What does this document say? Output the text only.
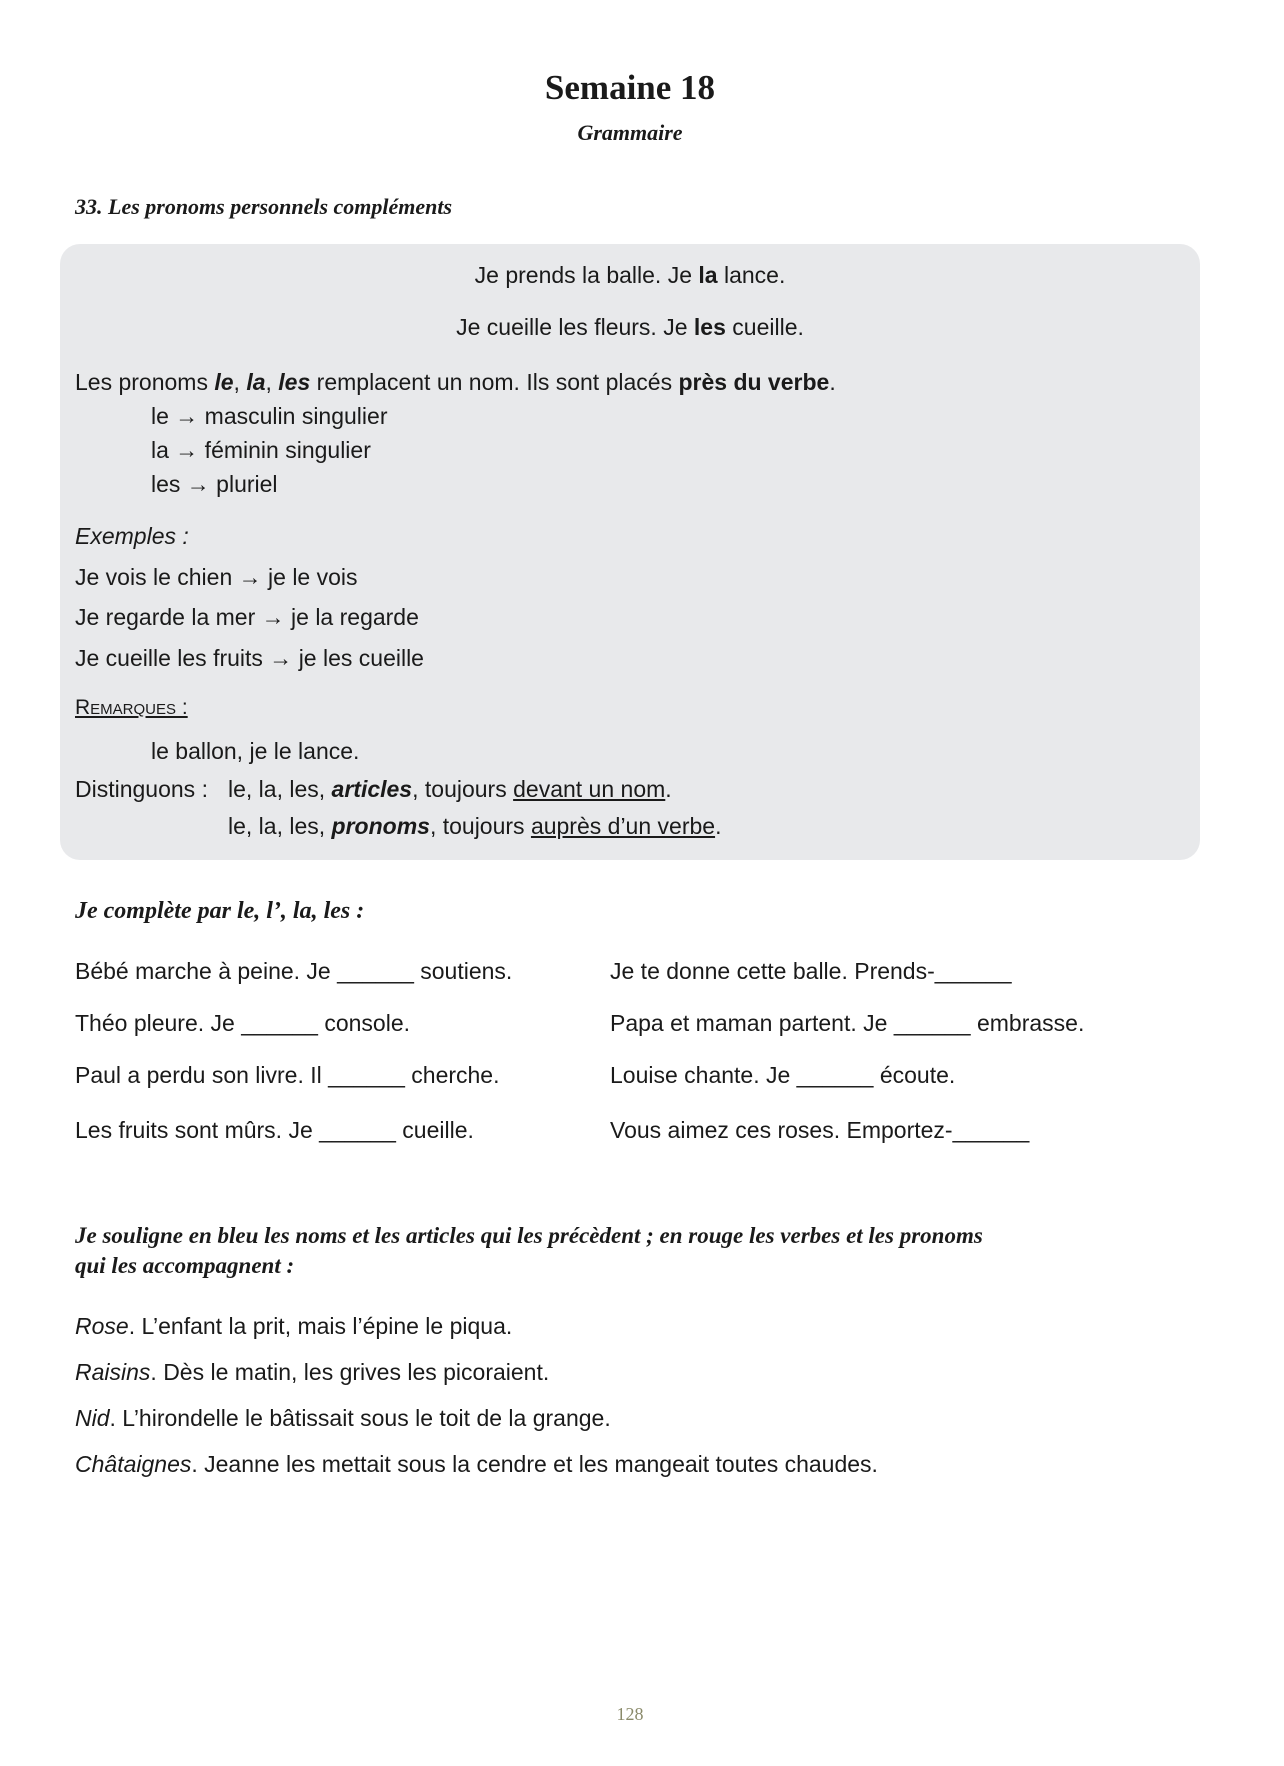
Semaine 18
Grammaire
33. Les pronoms personnels compléments
Je prends la balle. Je la lance.
Je cueille les fleurs. Je les cueille.
Les pronoms le, la, les remplacent un nom. Ils sont placés près du verbe.
le → masculin singulier
la → féminin singulier
les → pluriel
Exemples :
Je vois le chien → je le vois
Je regarde la mer → je la regarde
Je cueille les fruits → je les cueille
Remarques :
le ballon, je le lance.
Distinguons : le, la, les, articles, toujours devant un nom.
le, la, les, pronoms, toujours auprès d’un verbe.
Je complète par le, l’, la, les :
Bébé marche à peine. Je ______ soutiens.
Théo pleure. Je ______ console.
Paul a perdu son livre. Il ______ cherche.
Les fruits sont mûrs. Je ______ cueille.
Je te donne cette balle. Prends-______
Papa et maman partent. Je ______ embrasse.
Louise chante. Je ______ écoute.
Vous aimez ces roses. Emportez-______
Je souligne en bleu les noms et les articles qui les précèdent ; en rouge les verbes et les pronoms
qui les accompagnent :
Rose. L’enfant la prit, mais l’épine le piqua.
Raisins. Dès le matin, les grives les picoraient.
Nid. L’hirondelle le bâtissait sous le toit de la grange.
Châtaignes. Jeanne les mettait sous la cendre et les mangeait toutes chaudes.
128
